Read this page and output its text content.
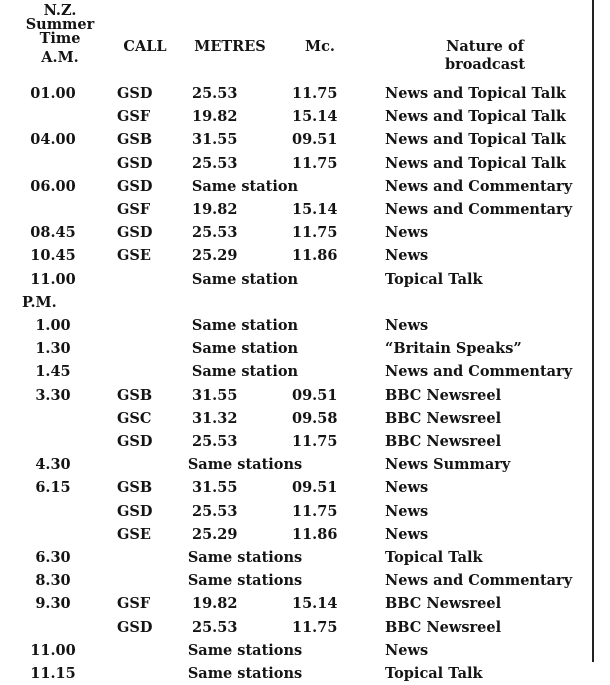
N.Z.
Summer
Time
A.M.
CALL	METRES	Mc.	Nature of
broadcast
01.00	GSD	25.53	11.75	News and Topical Talk
GSF	19.82	15.14	News and Topical Talk
04.00	GSB	31.55	09.51	News and Topical Talk
GSD	25.53	11.75	News and Topical Talk
06.00	GSD	Same station	News and Commentary
GSF	19.82	15.14	News and Commentary
08.45	GSD	25.53	11.75	News
10.45	GSE	25.29	11.86	News
11.00	Same station	Topical Talk
P.M.
1.00	Same station	News
1.30	Same station	“Britain Speaks”
1.45	Same station	News and Commentary
3.30	GSB	31.55	09.51	BBC Newsreel
GSC	31.32	09.58	BBC Newsreel
GSD	25.53	11.75	BBC Newsreel
4.30	Same stations	News Summary
6.15	GSB	31.55	09.51	News
GSD	25.53	11.75	News
GSE	25.29	11.86	News
6.30	Same stations	Topical Talk
8.30	Same stations	News and Commentary
9.30	GSF	19.82	15.14	BBC Newsreel
GSD	25.53	11.75	BBC Newsreel
11.00	Same stations	News
11.15	Same stations	Topical Talk
